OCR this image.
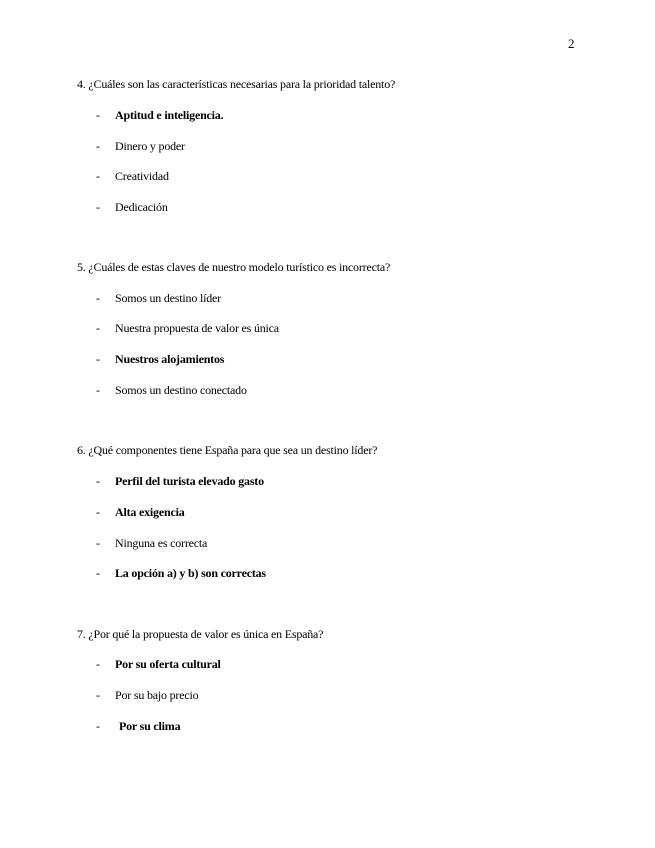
2
4. ¿Cuáles son las características necesarias para la prioridad talento?
- Aptitud e inteligencia.
- Dinero y poder
- Creatividad
- Dedicación
5. ¿Cuáles de estas claves de nuestro modelo turístico es incorrecta?
- Somos un destino líder
- Nuestra propuesta de valor es única
- Nuestros alojamientos
- Somos un destino conectado
6. ¿Qué componentes tiene España para que sea un destino líder?
- Perfil del turista elevado gasto
- Alta exigencia
- Ninguna es correcta
- La opción a) y b) son correctas
7. ¿Por qué la propuesta de valor es única en España?
- Por su oferta cultural
- Por su bajo precio
- Por su clima
